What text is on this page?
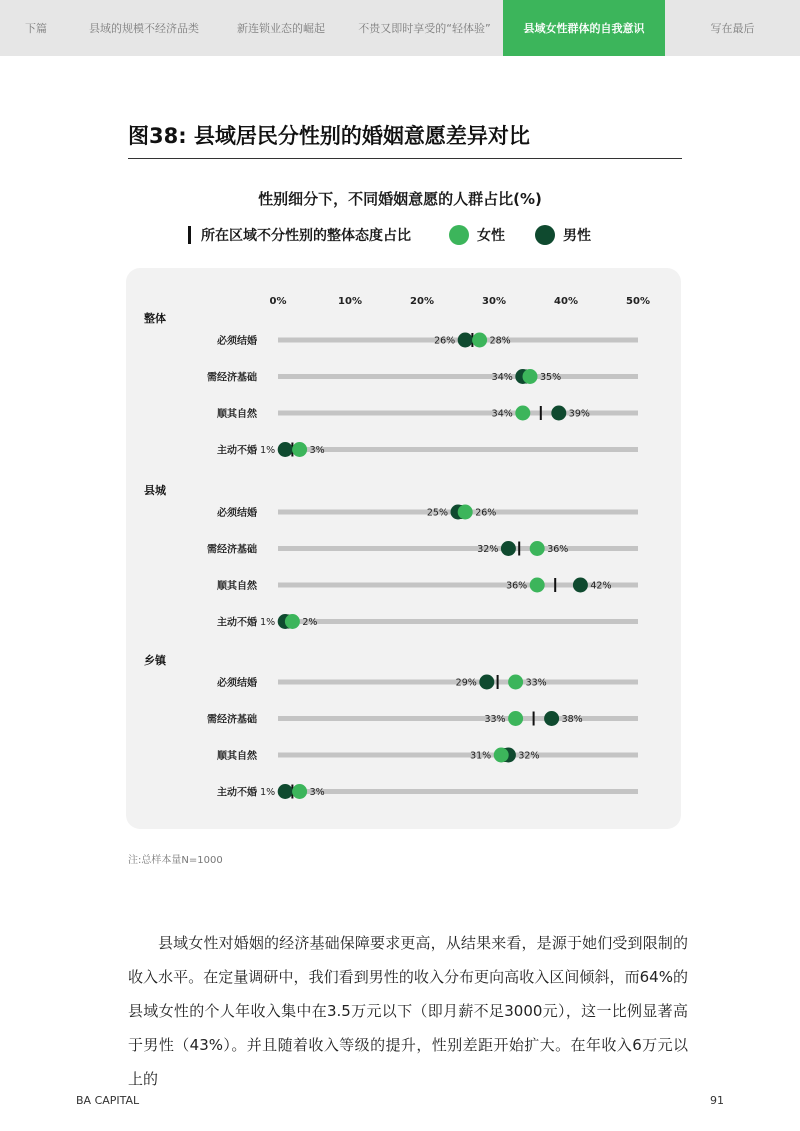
下篇	县域的规模不经济品类	新连锁业态的崛起	不贵又即时享受的“轻体验”	县域女性群体的自我意识	写在最后
图38: 县域居民分性别的婚姻意愿差异对比
性别细分下，不同婚姻意愿的人群占比(%)
所在区域不分性别的整体态度占比	女性	男性
0%	10%	20%	30%	40%	50%
整体
必须结婚	26%	28%
需经济基础	34%	35%
顺其自然	34%	39%
主动不婚 1%	3%
县城
必须结婚	25%	26%
需经济基础	32%	36%
顺其自然	36%	42%
主动不婚 1%	2%
乡镇
必须结婚	29%	33%
需经济基础	33%	38%
顺其自然	31%	32%
主动不婚 1%	3%
注:总样本量N=1000

县域女性对婚姻的经济基础保障要求更高，从结果来看，是源于她们受到限制的收入水平。在定量调研中，我们看到男性的收入分布更向高收入区间倾斜，而64%的县域女性的个人年收入集中在3.5万元以下（即月薪不足3000元），这一比例显著高于男性（43%）。并且随着收入等级的提升，性别差距开始扩大。在年收入6万元以上的

BA CAPITAL	91
